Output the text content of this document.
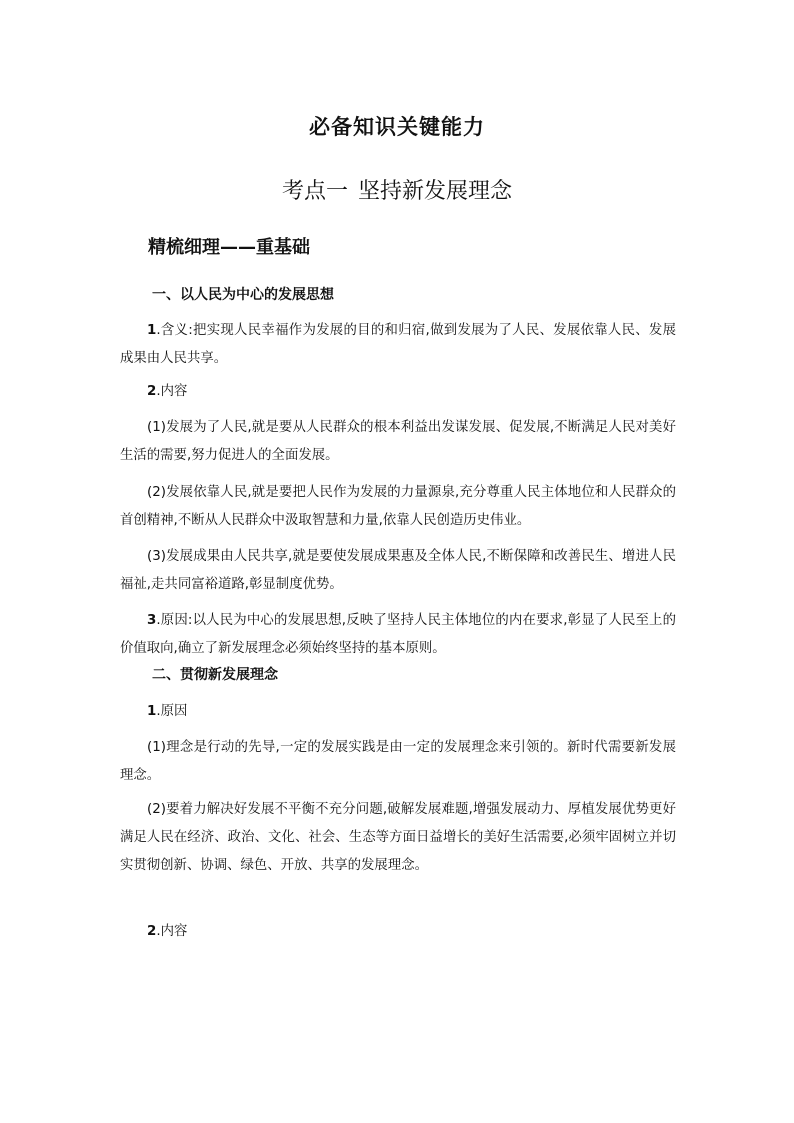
必备知识关键能力
考点一 坚持新发展理念
精梳细理——重基础

一、以人民为中心的发展思想

1.含义:把实现人民幸福作为发展的目的和归宿,做到发展为了人民、发展依靠人民、发展成果由人民共享。

2.内容

(1)发展为了人民,就是要从人民群众的根本利益出发谋发展、促发展,不断满足人民对美好生活的需要,努力促进人的全面发展。

(2)发展依靠人民,就是要把人民作为发展的力量源泉,充分尊重人民主体地位和人民群众的首创精神,不断从人民群众中汲取智慧和力量,依靠人民创造历史伟业。

(3)发展成果由人民共享,就是要使发展成果惠及全体人民,不断保障和改善民生、增进人民福祉,走共同富裕道路,彰显制度优势。

3.原因:以人民为中心的发展思想,反映了坚持人民主体地位的内在要求,彰显了人民至上的价值取向,确立了新发展理念必须始终坚持的基本原则。

二、贯彻新发展理念

1.原因

(1)理念是行动的先导,一定的发展实践是由一定的发展理念来引领的。新时代需要新发展理念。

(2)要着力解决好发展不平衡不充分问题,破解发展难题,增强发展动力、厚植发展优势更好满足人民在经济、政治、文化、社会、生态等方面日益增长的美好生活需要,必须牢固树立并切实贯彻创新、协调、绿色、开放、共享的发展理念。

2.内容
